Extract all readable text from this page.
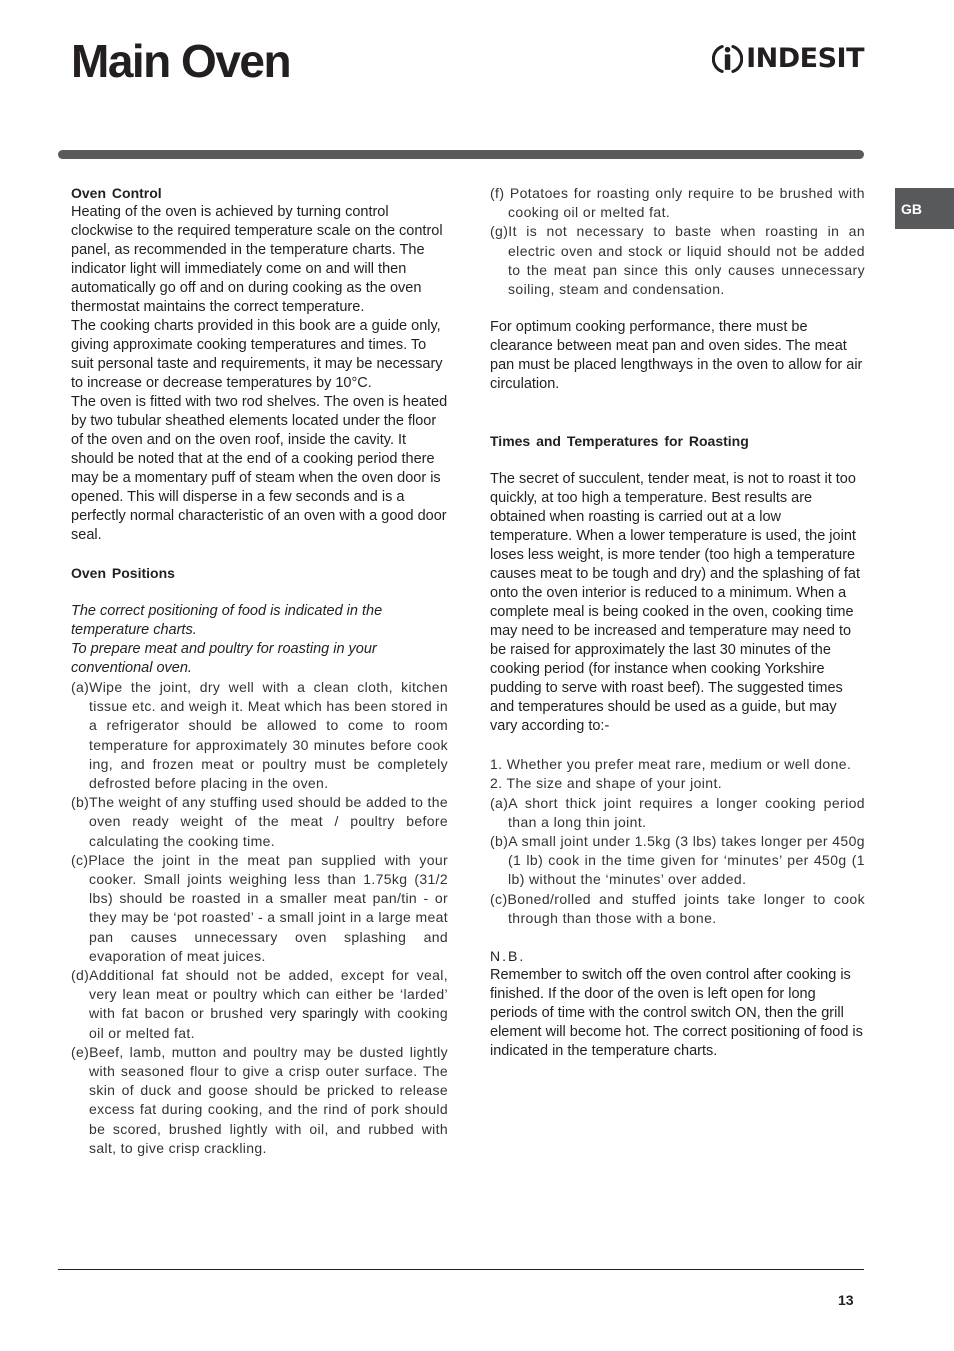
Main Oven	INDESIT
GB

Oven Control

Heating of the oven is achieved by turning control clockwise to the required temperature scale on the control panel, as recommended in the temperature charts. The indicator light will immediately come on and will then automatically go off and on during cooking as the oven thermostat maintains the correct temperature.

The cooking charts provided in this book are a guide only, giving approximate cooking temperatures and times. To suit personal taste and requirements, it may be necessary to increase or decrease temperatures by 10°C.

The oven is fitted with two rod shelves. The oven is heated by two tubular sheathed elements located under the floor of the oven and on the oven roof, inside the cavity. It should be noted that at the end of a cooking period there may be a momentary puff of steam when the oven door is opened. This will disperse in a few seconds and is a perfectly normal characteristic of an oven with a good door seal.

Oven Positions

The correct positioning of food is indicated in the temperature charts.

To prepare meat and poultry for roasting in your conventional oven.

(a)Wipe the joint, dry well with a clean cloth, kitchen tissue etc. and weigh it. Meat which has been stored in a refrigerator should be allowed to come to room temperature for approximately 30 minutes before cook ing, and frozen meat or poultry must be completely defrosted before placing in the oven.

(b)The weight of any stuffing used should be added to the oven ready weight of the meat / poultry before calculating the cooking time.

(c)Place the joint in the meat pan supplied with your cooker. Small joints weighing less than 1.75kg (31/2 lbs) should be roasted in a smaller meat pan/tin - or they may be ‘pot roasted’ - a small joint in a large meat pan causes unnecessary oven splashing and evaporation of meat juices.

(d)Additional fat should not be added, except for veal, very lean meat or poultry which can either be ‘larded’ with fat bacon or brushed very sparingly with cooking oil or melted fat.

(e)Beef, lamb, mutton and poultry may be dusted lightly with seasoned flour to give a crisp outer surface. The skin of duck and goose should be pricked to release excess fat during cooking, and the rind of pork should be scored, brushed lightly with oil, and rubbed with salt, to give crisp crackling.

(f) Potatoes for roasting only require to be brushed with cooking oil or melted fat.

(g)It is not necessary to baste when roasting in an electric oven and stock or liquid should not be added to the meat pan since this only causes unnecessary soiling, steam and condensation.

For optimum cooking performance, there must be clearance between meat pan and oven sides. The meat pan must be placed lengthways in the oven to allow for air circulation.

Times and Temperatures for Roasting

The secret of succulent, tender meat, is not to roast it too quickly, at too high a temperature. Best results are obtained when roasting is carried out at a low temperature. When a lower temperature is used, the joint loses less weight, is more tender (too high a temperature causes meat to be tough and dry) and the splashing of fat onto the oven interior is reduced to a minimum. When a complete meal is being cooked in the oven, cooking time may need to be increased and temperature may need to be raised for approximately the last 30 minutes of the cooking period (for instance when cooking Yorkshire pudding to serve with roast beef). The suggested times and temperatures should be used as a guide, but may vary according to:-

1. Whether you prefer meat rare, medium or well done.

2. The size and shape of your joint.

(a)A short thick joint requires a longer cooking period than a long thin joint.

(b)A small joint under 1.5kg (3 lbs) takes longer per 450g (1 lb) cook in the time given for ‘minutes’ per 450g (1 lb) without the ‘minutes’ over added.

(c)Boned/rolled and stuffed joints take longer to cook through than those with a bone.

N.B.

Remember to switch off the oven control after cooking is finished. If the door of the oven is left open for long periods of time with the control switch ON, then the grill element will become hot. The correct positioning of food is indicated in the temperature charts.

13
